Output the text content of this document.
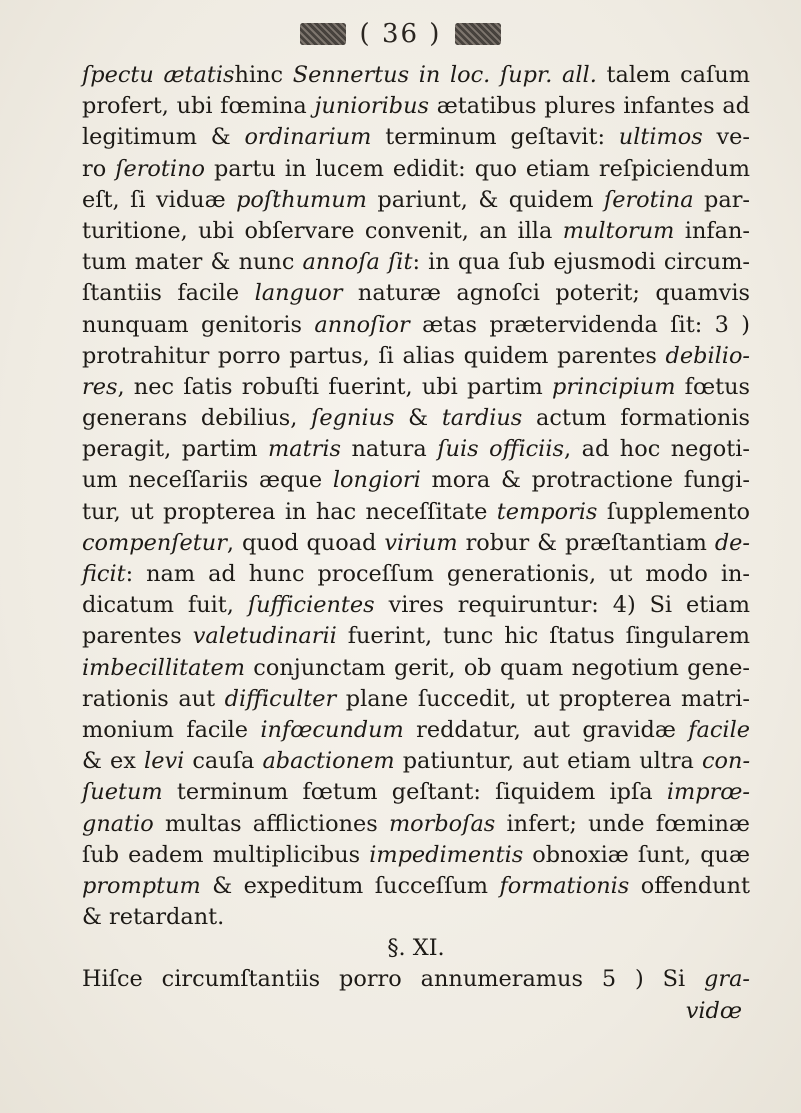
( 36 )
ſpectu ætatishinc Sennertus in loc. ſupr. all. talem caſum
profert, ubi fœmina junioribus ætatibus plures infantes ad
legitimum & ordinarium terminum geſtavit: ultimos ve-
ro ſerotino partu in lucem edidit: quo etiam reſpiciendum
eſt, ſi viduæ poſthumum pariunt, & quidem ſerotina par-
turitione, ubi obſervare convenit, an illa multorum infan-
tum mater & nunc annoſa ſit: in qua ſub ejusmodi circum-
ſtantiis facile languor naturæ agnoſci poterit; quamvis
nunquam genitoris annoſior ætas prætervidenda ſit: 3 )
protrahitur porro partus, ſi alias quidem parentes debilio-
res, nec ſatis robuſti fuerint, ubi partim principium fœtus
generans debilius, ſegnius & tardius actum formationis
peragit, partim matris natura ſuis officiis, ad hoc negoti-
um neceſſariis æque longiori mora & protractione fungi-
tur, ut propterea in hac neceſſitate temporis ſupplemento
compenſetur, quod quoad virium robur & præſtantiam de-
ficit: nam ad hunc proceſſum generationis, ut modo in-
dicatum fuit, ſufficientes vires requiruntur: 4) Si etiam
parentes valetudinarii fuerint, tunc hic ſtatus ſingularem
imbecillitatem conjunctam gerit, ob quam negotium gene-
rationis aut difficulter plane ſuccedit, ut propterea matri-
monium facile infœcundum reddatur, aut gravidæ facile
& ex levi cauſa abactionem patiuntur, aut etiam ultra con-
ſuetum terminum fœtum geſtant: ſiquidem ipſa imprœ-
gnatio multas afflictiones morboſas infert; unde fœminæ
ſub eadem multiplicibus impedimentis obnoxiæ ſunt, quæ
promptum & expeditum ſucceſſum formationis offendunt
& retardant.
§. XI.
Hiſce circumſtantiis porro annumeramus 5 ) Si gra-
vidœ
